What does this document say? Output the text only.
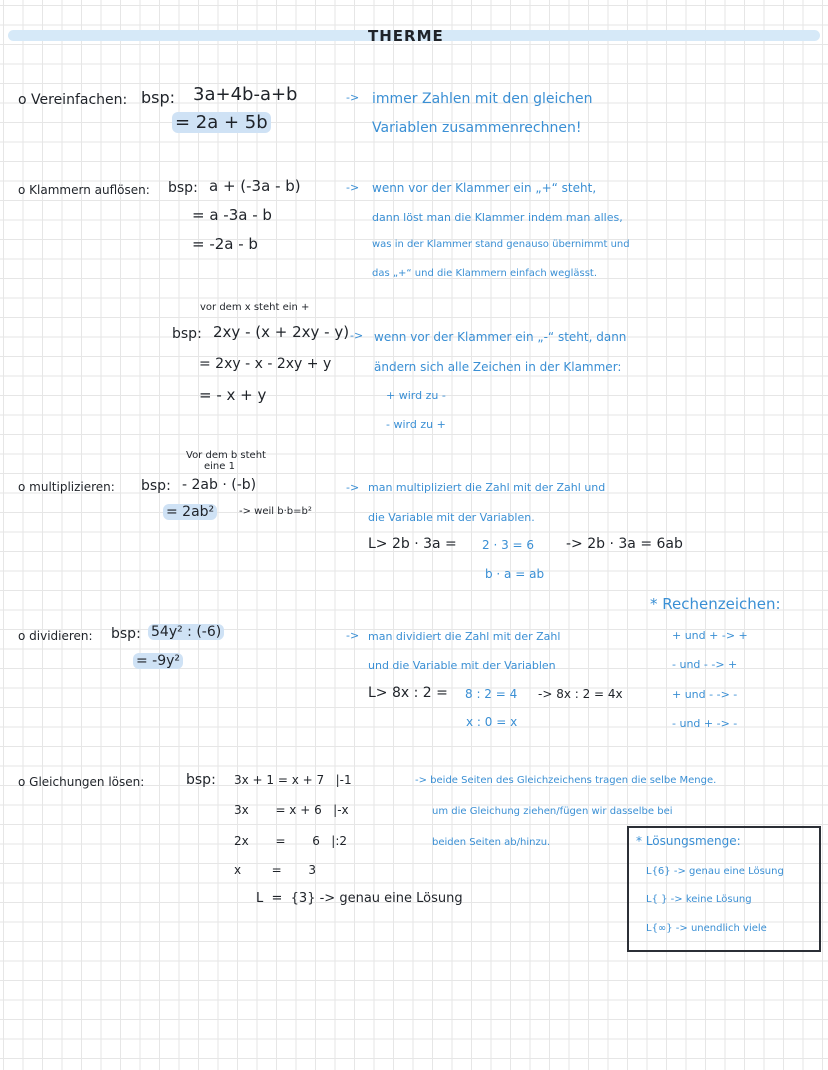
THERME
o Vereinfachen: bsp: 3a+4b-a+b
= 2a + 5b
-> immer Zahlen mit den gleichen
Variablen zusammenrechnen!
o Klammern auflösen: bsp: a + (-3a - b)
= a -3a - b
= -2a - b
-> wenn vor der Klammer ein „+“ steht,
dann löst man die Klammer indem man alles,
was in der Klammer stand genauso übernimmt und
das „+“ und die Klammern einfach weglässt.
vor dem x steht ein +
bsp: 2xy - (x + 2xy - y)
= 2xy - x - 2xy + y
= - x + y
-> wenn vor der Klammer ein „-“ steht, dann
ändern sich alle Zeichen in der Klammer:
+ wird zu -
- wird zu +
Vor dem b steht
eine 1
o multiplizieren: bsp: - 2ab · (-b)
= 2ab²	-> weil b·b=b²
-> man multipliziert die Zahl mit der Zahl und
die Variable mit der Variablen.
L> 2b · 3a = 2 · 3 = 6 -> 2b · 3a = 6ab
b · a = ab
* Rechenzeichen:
+ und + -> +
- und - -> +
+ und - -> -
- und + -> -
o dividieren: bsp: 54y² : (-6)
= -9y²
-> man dividiert die Zahl mit der Zahl
und die Variable mit der Variablen
L> 8x : 2 = 8 : 2 = 4 -> 8x : 2 = 4x
x : 0 = x
o Gleichungen lösen:	bsp: 3x + 1 = x + 7   |-1
3x       = x + 6   |-x
2x       =       6   |:2
x        =       3
L  =  {3} -> genau eine Lösung
-> beide Seiten des Gleichzeichens tragen die selbe Menge.
um die Gleichung ziehen/fügen wir dasselbe bei
beiden Seiten ab/hinzu.	* Lösungsmenge:
L{6} -> genau eine Lösung
L{ } -> keine Lösung
L{∞} -> unendlich viele
